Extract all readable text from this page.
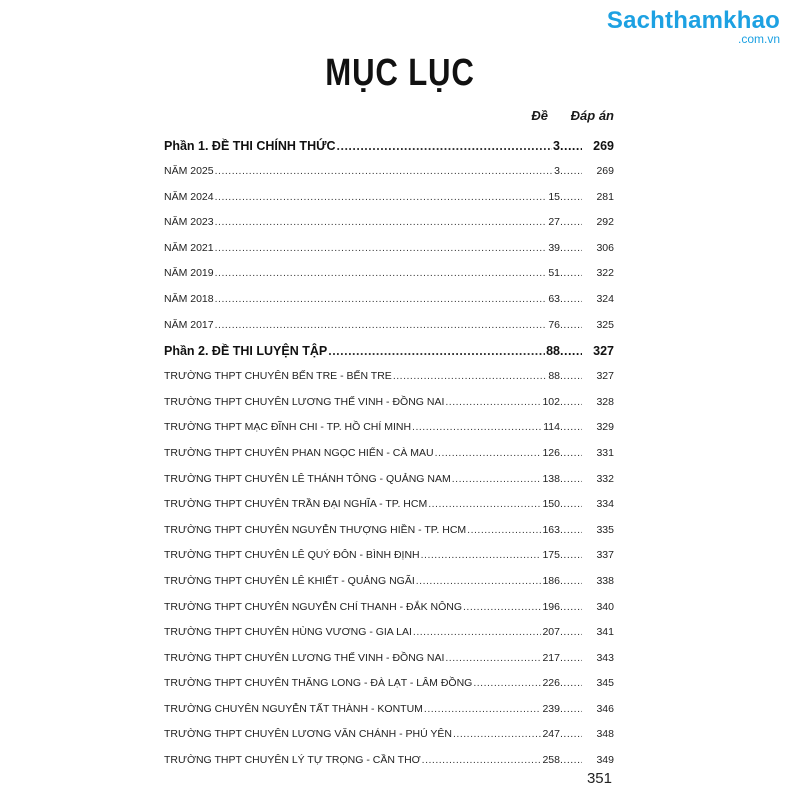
Sachthamkhao
.com.vn
MỤC LỤC
Đề Đáp án
Phần 1. ĐỀ THI CHÍNH THỨC .....	3 .....	269
NĂM 2025 .....	3 .....	269
NĂM 2024 .....	15 .....	281
NĂM 2023 .....	27 .....	292
NĂM 2021 .....	39 .....	306
NĂM 2019 .....	51 .....	322
NĂM 2018 .....	63 .....	324
NĂM 2017 .....	76 .....	325
Phần 2. ĐỀ THI LUYỆN TẬP .....	88 .....	327
TRƯỜNG THPT CHUYÊN BẾN TRE - BẾN TRE .....	88 .....	327
TRƯỜNG THPT CHUYÊN LƯƠNG THẾ VINH - ĐỒNG NAI .....	102 .....	328
TRƯỜNG THPT MẠC ĐĨNH CHI - TP. HỒ CHÍ MINH .....	114 .....	329
TRƯỜNG THPT CHUYÊN PHAN NGỌC HIỂN - CÀ MAU .....	126 .....	331
TRƯỜNG THPT CHUYÊN LÊ THÁNH TÔNG - QUẢNG NAM .....	138 .....	332
TRƯỜNG THPT CHUYÊN TRẦN ĐẠI NGHĨA - TP. HCM .....	150 .....	334
TRƯỜNG THPT CHUYÊN NGUYỄN THƯỢNG HIỀN - TP. HCM .....	163 .....	335
TRƯỜNG THPT CHUYÊN LÊ QUÝ ĐÔN - BÌNH ĐỊNH .....	175 .....	337
TRƯỜNG THPT CHUYÊN LÊ KHIẾT - QUẢNG NGÃI .....	186 .....	338
TRƯỜNG THPT CHUYÊN NGUYỄN CHÍ THANH - ĐẮK NÔNG .....	196 .....	340
TRƯỜNG THPT CHUYÊN HÙNG VƯƠNG - GIA LAI .....	207 .....	341
TRƯỜNG THPT CHUYÊN LƯƠNG THẾ VINH - ĐỒNG NAI .....	217 .....	343
TRƯỜNG THPT CHUYÊN THĂNG LONG - ĐÀ LẠT - LÂM ĐỒNG .....	226 .....	345
TRƯỜNG CHUYÊN NGUYỄN TẤT THÀNH - KONTUM .....	239 .....	346
TRƯỜNG THPT CHUYÊN LƯƠNG VĂN CHÁNH - PHÚ YÊN .....	247 .....	348
TRƯỜNG THPT CHUYÊN LÝ TỰ TRỌNG - CẦN THƠ .....	258 .....	349
351
